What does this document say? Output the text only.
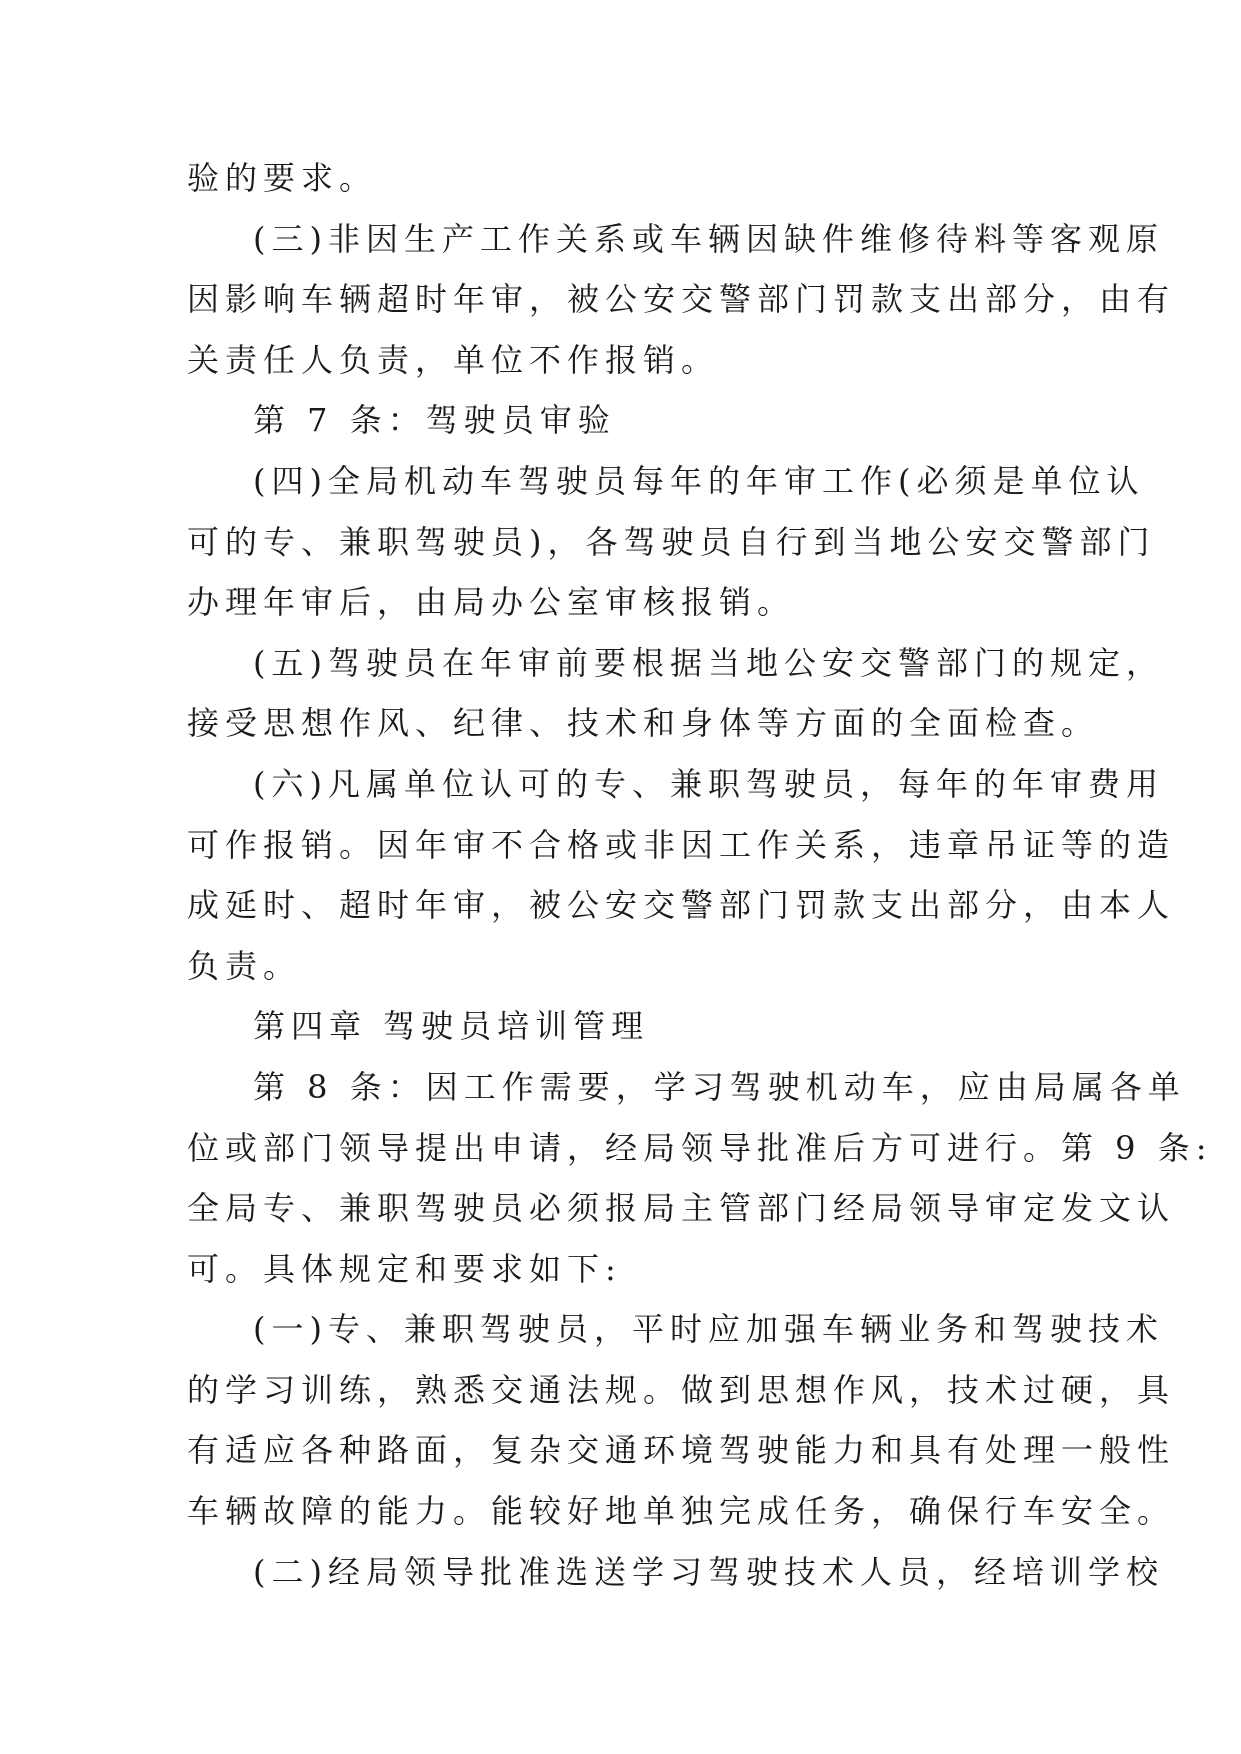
验的要求。
(三)非因生产工作关系或车辆因缺件维修待料等客观原
因影响车辆超时年审，被公安交警部门罚款支出部分，由有
关责任人负责，单位不作报销。
第 7 条：驾驶员审验
(四)全局机动车驾驶员每年的年审工作(必须是单位认
可的专、兼职驾驶员)，各驾驶员自行到当地公安交警部门
办理年审后，由局办公室审核报销。
(五)驾驶员在年审前要根据当地公安交警部门的规定，
接受思想作风、纪律、技术和身体等方面的全面检查。
(六)凡属单位认可的专、兼职驾驶员，每年的年审费用
可作报销。因年审不合格或非因工作关系，违章吊证等的造
成延时、超时年审，被公安交警部门罚款支出部分，由本人
负责。
第四章 驾驶员培训管理
第 8 条：因工作需要，学习驾驶机动车，应由局属各单
位或部门领导提出申请，经局领导批准后方可进行。第 9 条:
全局专、兼职驾驶员必须报局主管部门经局领导审定发文认
可。具体规定和要求如下:
(一)专、兼职驾驶员，平时应加强车辆业务和驾驶技术
的学习训练，熟悉交通法规。做到思想作风，技术过硬，具
有适应各种路面，复杂交通环境驾驶能力和具有处理一般性
车辆故障的能力。能较好地单独完成任务，确保行车安全。
(二)经局领导批准选送学习驾驶技术人员，经培训学校
